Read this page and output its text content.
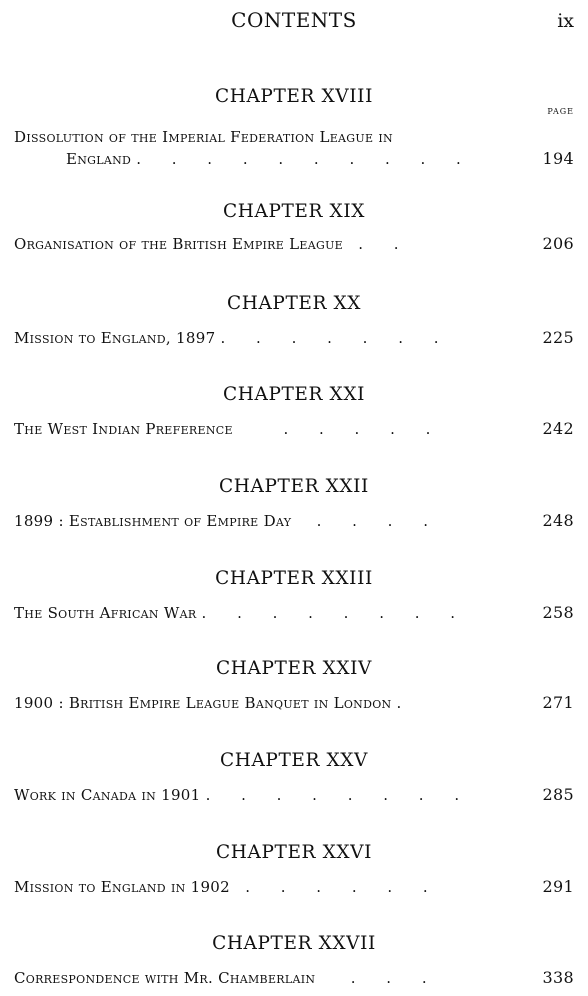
CONTENTS	ix
PAGE
CHAPTER XVIII
Dissolution of the Imperial Federation League in
England . . . . . . . . . .	194
CHAPTER XIX
Organisation of the British Empire League . .	206
CHAPTER XX
Mission to England, 1897 . . . . . . .	225
CHAPTER XXI
The West Indian Preference	. . . . .	242
CHAPTER XXII
1899 : Establishment of Empire Day . . . .	248
CHAPTER XXIII
The South African War . . . . . . . .	258
CHAPTER XXIV
1900 : British Empire League Banquet in London .	271
CHAPTER XXV
Work in Canada in 1901 . . . . . . . .	285
CHAPTER XXVI
Mission to England in 1902 . . . . . .	291
CHAPTER XXVII
Correspondence with Mr. Chamberlain . . .	338
